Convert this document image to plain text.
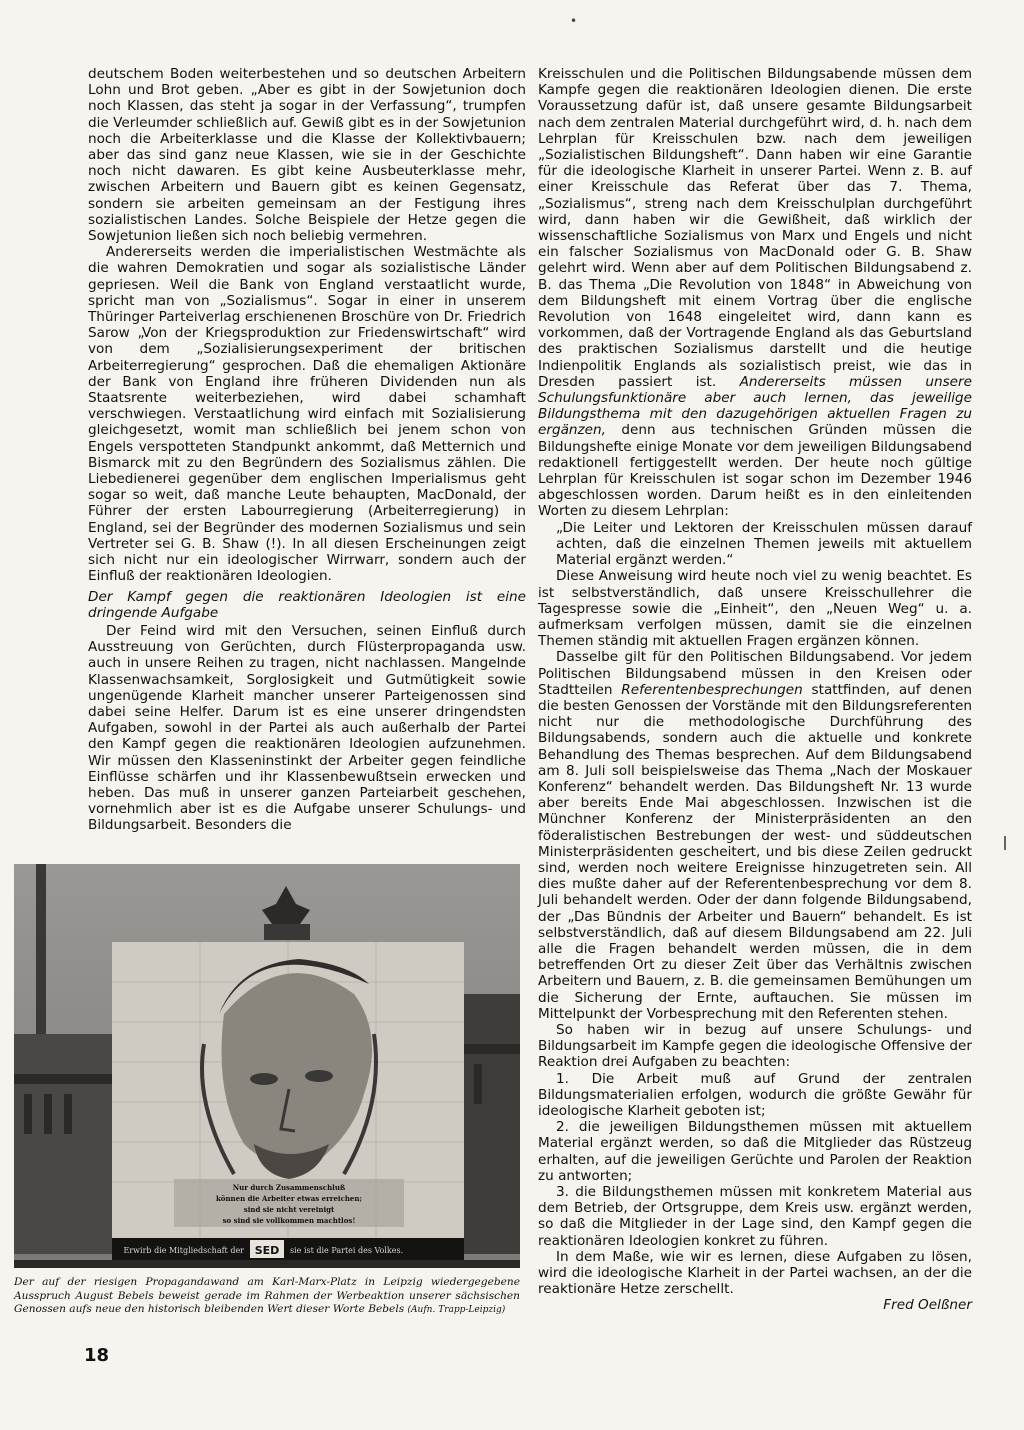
•

deutschem Boden weiterbestehen und so deutschen Arbeitern Lohn und Brot geben. „Aber es gibt in der Sowjetunion doch noch Klassen, das steht ja sogar in der Verfassung“, trumpfen die Verleumder schließlich auf. Gewiß gibt es in der Sowjetunion noch die Arbeiterklasse und die Klasse der Kollektivbauern; aber das sind ganz neue Klassen, wie sie in der Geschichte noch nicht dawaren. Es gibt keine Ausbeuterklasse mehr, zwischen Arbeitern und Bauern gibt es keinen Gegensatz, sondern sie arbeiten gemeinsam an der Festigung ihres sozialistischen Landes. Solche Beispiele der Hetze gegen die Sowjetunion ließen sich noch beliebig vermehren.

Andererseits werden die imperialistischen Westmächte als die wahren Demokratien und sogar als sozialistische Länder gepriesen. Weil die Bank von England verstaatlicht wurde, spricht man von „Sozialismus“. Sogar in einer in unserem Thüringer Parteiverlag erschienenen Broschüre von Dr. Friedrich Sarow „Von der Kriegsproduktion zur Friedenswirtschaft“ wird von dem „Sozialisierungsexperiment der britischen Arbeiterregierung“ gesprochen. Daß die ehemaligen Aktionäre der Bank von England ihre früheren Dividenden nun als Staatsrente weiterbeziehen, wird dabei schamhaft verschwiegen. Verstaatlichung wird einfach mit Sozialisierung gleichgesetzt, womit man schließlich bei jenem schon von Engels verspotteten Standpunkt ankommt, daß Metternich und Bismarck mit zu den Begründern des Sozialismus zählen. Die Liebedienerei gegenüber dem englischen Imperialismus geht sogar so weit, daß manche Leute behaupten, MacDonald, der Führer der ersten Labourregierung (Arbeiterregierung) in England, sei der Begründer des modernen Sozialismus und sein Vertreter sei G. B. Shaw (!). In all diesen Erscheinungen zeigt sich nicht nur ein ideologischer Wirrwarr, sondern auch der Einfluß der reaktionären Ideologien.

Der Kampf gegen die reaktionären Ideologien ist eine dringende Aufgabe

Der Feind wird mit den Versuchen, seinen Einfluß durch Ausstreuung von Gerüchten, durch Flüsterpropaganda usw. auch in unsere Reihen zu tragen, nicht nachlassen. Mangelnde Klassenwachsamkeit, Sorglosigkeit und Gutmütigkeit sowie ungenügende Klarheit mancher unserer Parteigenossen sind dabei seine Helfer. Darum ist es eine unserer dringendsten Aufgaben, sowohl in der Partei als auch außerhalb der Partei den Kampf gegen die reaktionären Ideologien aufzunehmen. Wir müssen den Klasseninstinkt der Arbeiter gegen feindliche Einflüsse schärfen und ihr Klassenbewußtsein erwecken und heben. Das muß in unserer ganzen Parteiarbeit geschehen, vornehmlich aber ist es die Aufgabe unserer Schulungs- und Bildungsarbeit. Besonders die

Kreisschulen und die Politischen Bildungsabende müssen dem Kampfe gegen die reaktionären Ideologien dienen. Die erste Voraussetzung dafür ist, daß unsere gesamte Bildungsarbeit nach dem zentralen Material durchgeführt wird, d. h. nach dem Lehrplan für Kreisschulen bzw. nach dem jeweiligen „Sozialistischen Bildungsheft“. Dann haben wir eine Garantie für die ideologische Klarheit in unserer Partei. Wenn z. B. auf einer Kreisschule das Referat über das 7. Thema, „Sozialismus“, streng nach dem Kreisschulplan durchgeführt wird, dann haben wir die Gewißheit, daß wirklich der wissenschaftliche Sozialismus von Marx und Engels und nicht ein falscher Sozialismus von MacDonald oder G. B. Shaw gelehrt wird. Wenn aber auf dem Politischen Bildungsabend z. B. das Thema „Die Revolution von 1848“ in Abweichung von dem Bildungsheft mit einem Vortrag über die englische Revolution von 1648 eingeleitet wird, dann kann es vorkommen, daß der Vortragende England als das Geburtsland des praktischen Sozialismus darstellt und die heutige Indienpolitik Englands als sozialistisch preist, wie das in Dresden passiert ist. Andererseits müssen unsere Schulungsfunktionäre aber auch lernen, das jeweilige Bildungsthema mit den dazugehörigen aktuellen Fragen zu ergänzen, denn aus technischen Gründen müssen die Bildungshefte einige Monate vor dem jeweiligen Bildungsabend redaktionell fertiggestellt werden. Der heute noch gültige Lehrplan für Kreisschulen ist sogar schon im Dezember 1946 abgeschlossen worden. Darum heißt es in den einleitenden Worten zu diesem Lehrplan:

„Die Leiter und Lektoren der Kreisschulen müssen darauf achten, daß die einzelnen Themen jeweils mit aktuellem Material ergänzt werden.“

Diese Anweisung wird heute noch viel zu wenig beachtet. Es ist selbstverständlich, daß unsere Kreisschullehrer die Tagespresse sowie die „Einheit“, den „Neuen Weg“ u. a. aufmerksam verfolgen müssen, damit sie die einzelnen Themen ständig mit aktuellen Fragen ergänzen können.

Dasselbe gilt für den Politischen Bildungsabend. Vor jedem Politischen Bildungsabend müssen in den Kreisen oder Stadtteilen Referentenbesprechungen stattfinden, auf denen die besten Genossen der Vorstände mit den Bildungsreferenten nicht nur die methodologische Durchführung des Bildungsabends, sondern auch die aktuelle und konkrete Behandlung des Themas besprechen. Auf dem Bildungsabend am 8. Juli soll beispielsweise das Thema „Nach der Moskauer Konferenz“ behandelt werden. Das Bildungsheft Nr. 13 wurde aber bereits Ende Mai abgeschlossen. Inzwischen ist die Münchner Konferenz der Ministerpräsidenten an den föderalistischen Bestrebungen der west- und süddeutschen Ministerpräsidenten gescheitert, und bis diese Zeilen gedruckt sind, werden noch weitere Ereignisse hinzugetreten sein. All dies mußte daher auf der Referentenbesprechung vor dem 8. Juli behandelt werden. Oder der dann folgende Bildungsabend, der „Das Bündnis der Arbeiter und Bauern“ behandelt. Es ist selbstverständlich, daß auf diesem Bildungsabend am 22. Juli alle die Fragen behandelt werden müssen, die in dem betreffenden Ort zu dieser Zeit über das Verhältnis zwischen Arbeitern und Bauern, z. B. die gemeinsamen Bemühungen um die Sicherung der Ernte, auftauchen. Sie müssen im Mittelpunkt der Vorbesprechung mit den Referenten stehen.

So haben wir in bezug auf unsere Schulungs- und Bildungsarbeit im Kampfe gegen die ideologische Offensive der Reaktion drei Aufgaben zu beachten:

1. Die Arbeit muß auf Grund der zentralen Bildungsmaterialien erfolgen, wodurch die größte Gewähr für ideologische Klarheit geboten ist;

2. die jeweiligen Bildungsthemen müssen mit aktuellem Material ergänzt werden, so daß die Mitglieder das Rüstzeug erhalten, auf die jeweiligen Gerüchte und Parolen der Reaktion zu antworten;

3. die Bildungsthemen müssen mit konkretem Material aus dem Betrieb, der Ortsgruppe, dem Kreis usw. ergänzt werden, so daß die Mitglieder in der Lage sind, den Kampf gegen die reaktionären Ideologien konkret zu führen.

In dem Maße, wie wir es lernen, diese Aufgaben zu lösen, wird die ideologische Klarheit in der Partei wachsen, an der die reaktionäre Hetze zerschellt.

Fred Oelßner

Nur durch Zusammenschluß
können die Arbeiter etwas erreichen;
sind sie nicht vereinigt
so sind sie vollkommen machtlos!
Erwirb die Mitgliedschaft der SED sie ist die Partei des Volkes.
Der auf der riesigen Propagandawand am Karl-Marx-Platz in Leipzig wiedergegebene Ausspruch August Bebels beweist gerade im Rahmen der Werbeaktion unserer sächsischen Genossen aufs neue den historisch bleibenden Wert dieser Worte Bebels (Aufn. Trapp-Leipzig)
18
